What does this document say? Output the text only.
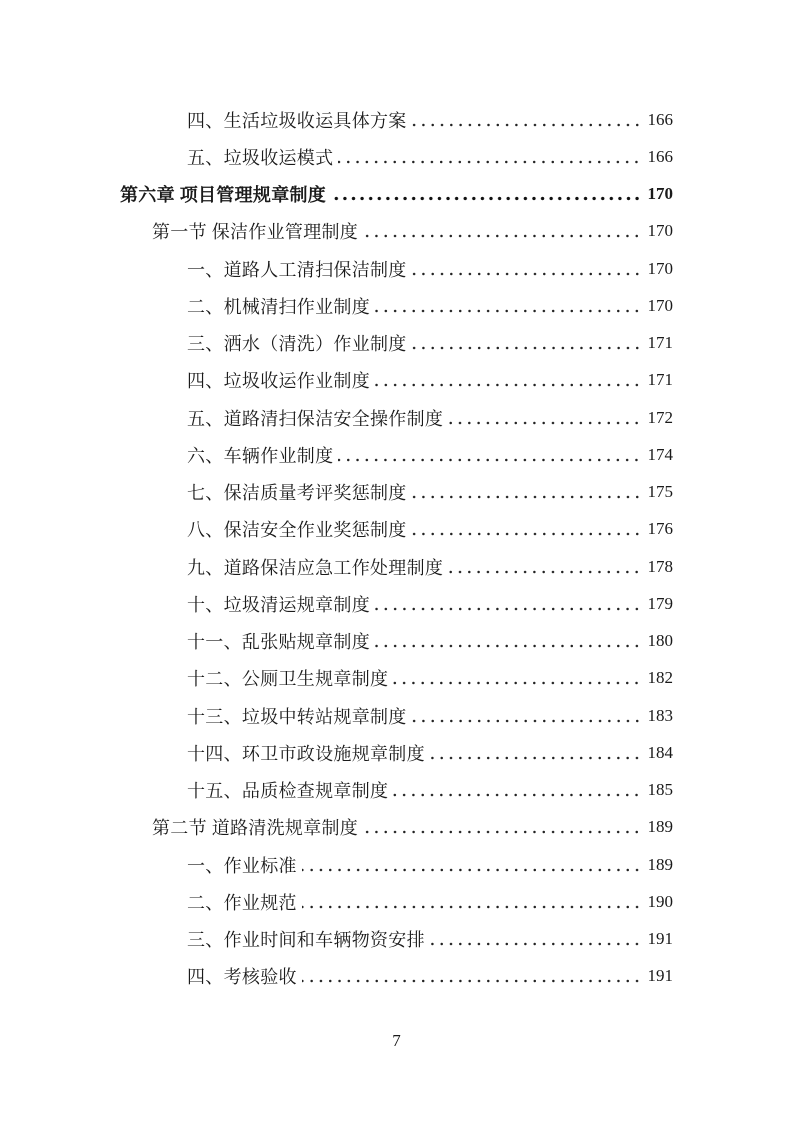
四、生活垃圾收运具体方案	166
五、垃圾收运模式	166
第六章 项目管理规章制度	170
第一节 保洁作业管理制度	170
一、道路人工清扫保洁制度	170
二、机械清扫作业制度	170
三、洒水（清洗）作业制度	171
四、垃圾收运作业制度	171
五、道路清扫保洁安全操作制度	172
六、车辆作业制度	174
七、保洁质量考评奖惩制度	175
八、保洁安全作业奖惩制度	176
九、道路保洁应急工作处理制度	178
十、垃圾清运规章制度	179
十一、乱张贴规章制度	180
十二、公厕卫生规章制度	182
十三、垃圾中转站规章制度	183
十四、环卫市政设施规章制度	184
十五、品质检查规章制度	185
第二节 道路清洗规章制度	189
一、作业标准	189
二、作业规范	190
三、作业时间和车辆物资安排	191
四、考核验收	191
7
